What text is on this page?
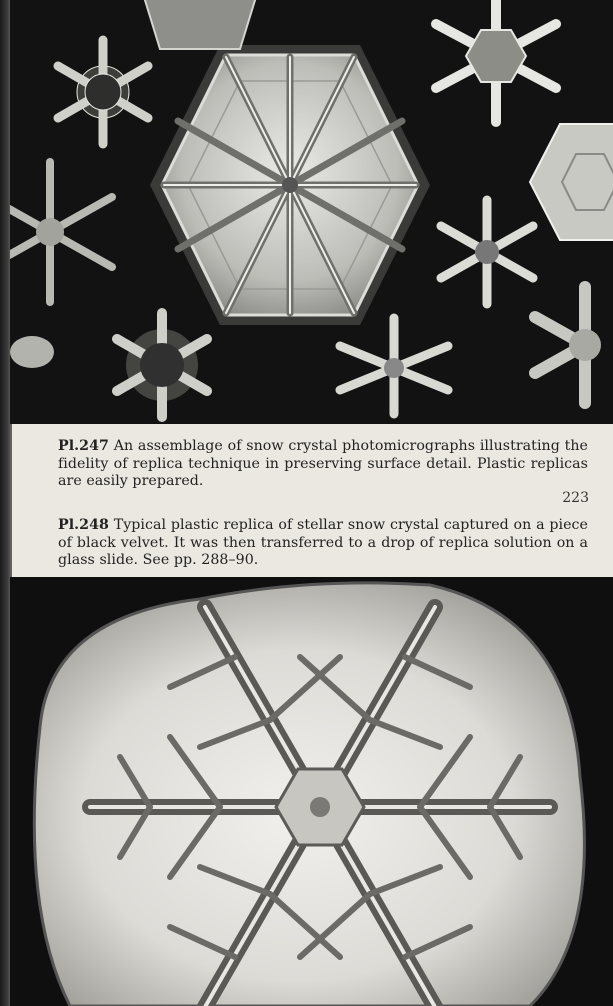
Pl.247 An assemblage of snow crystal photomicrographs illustrating the fidelity of replica technique in preserving surface detail. Plastic replicas are easily prepared.
223
Pl.248 Typical plastic replica of stellar snow crystal captured on a piece of black velvet. It was then transferred to a drop of replica solution on a glass slide. See pp. 288–90.
